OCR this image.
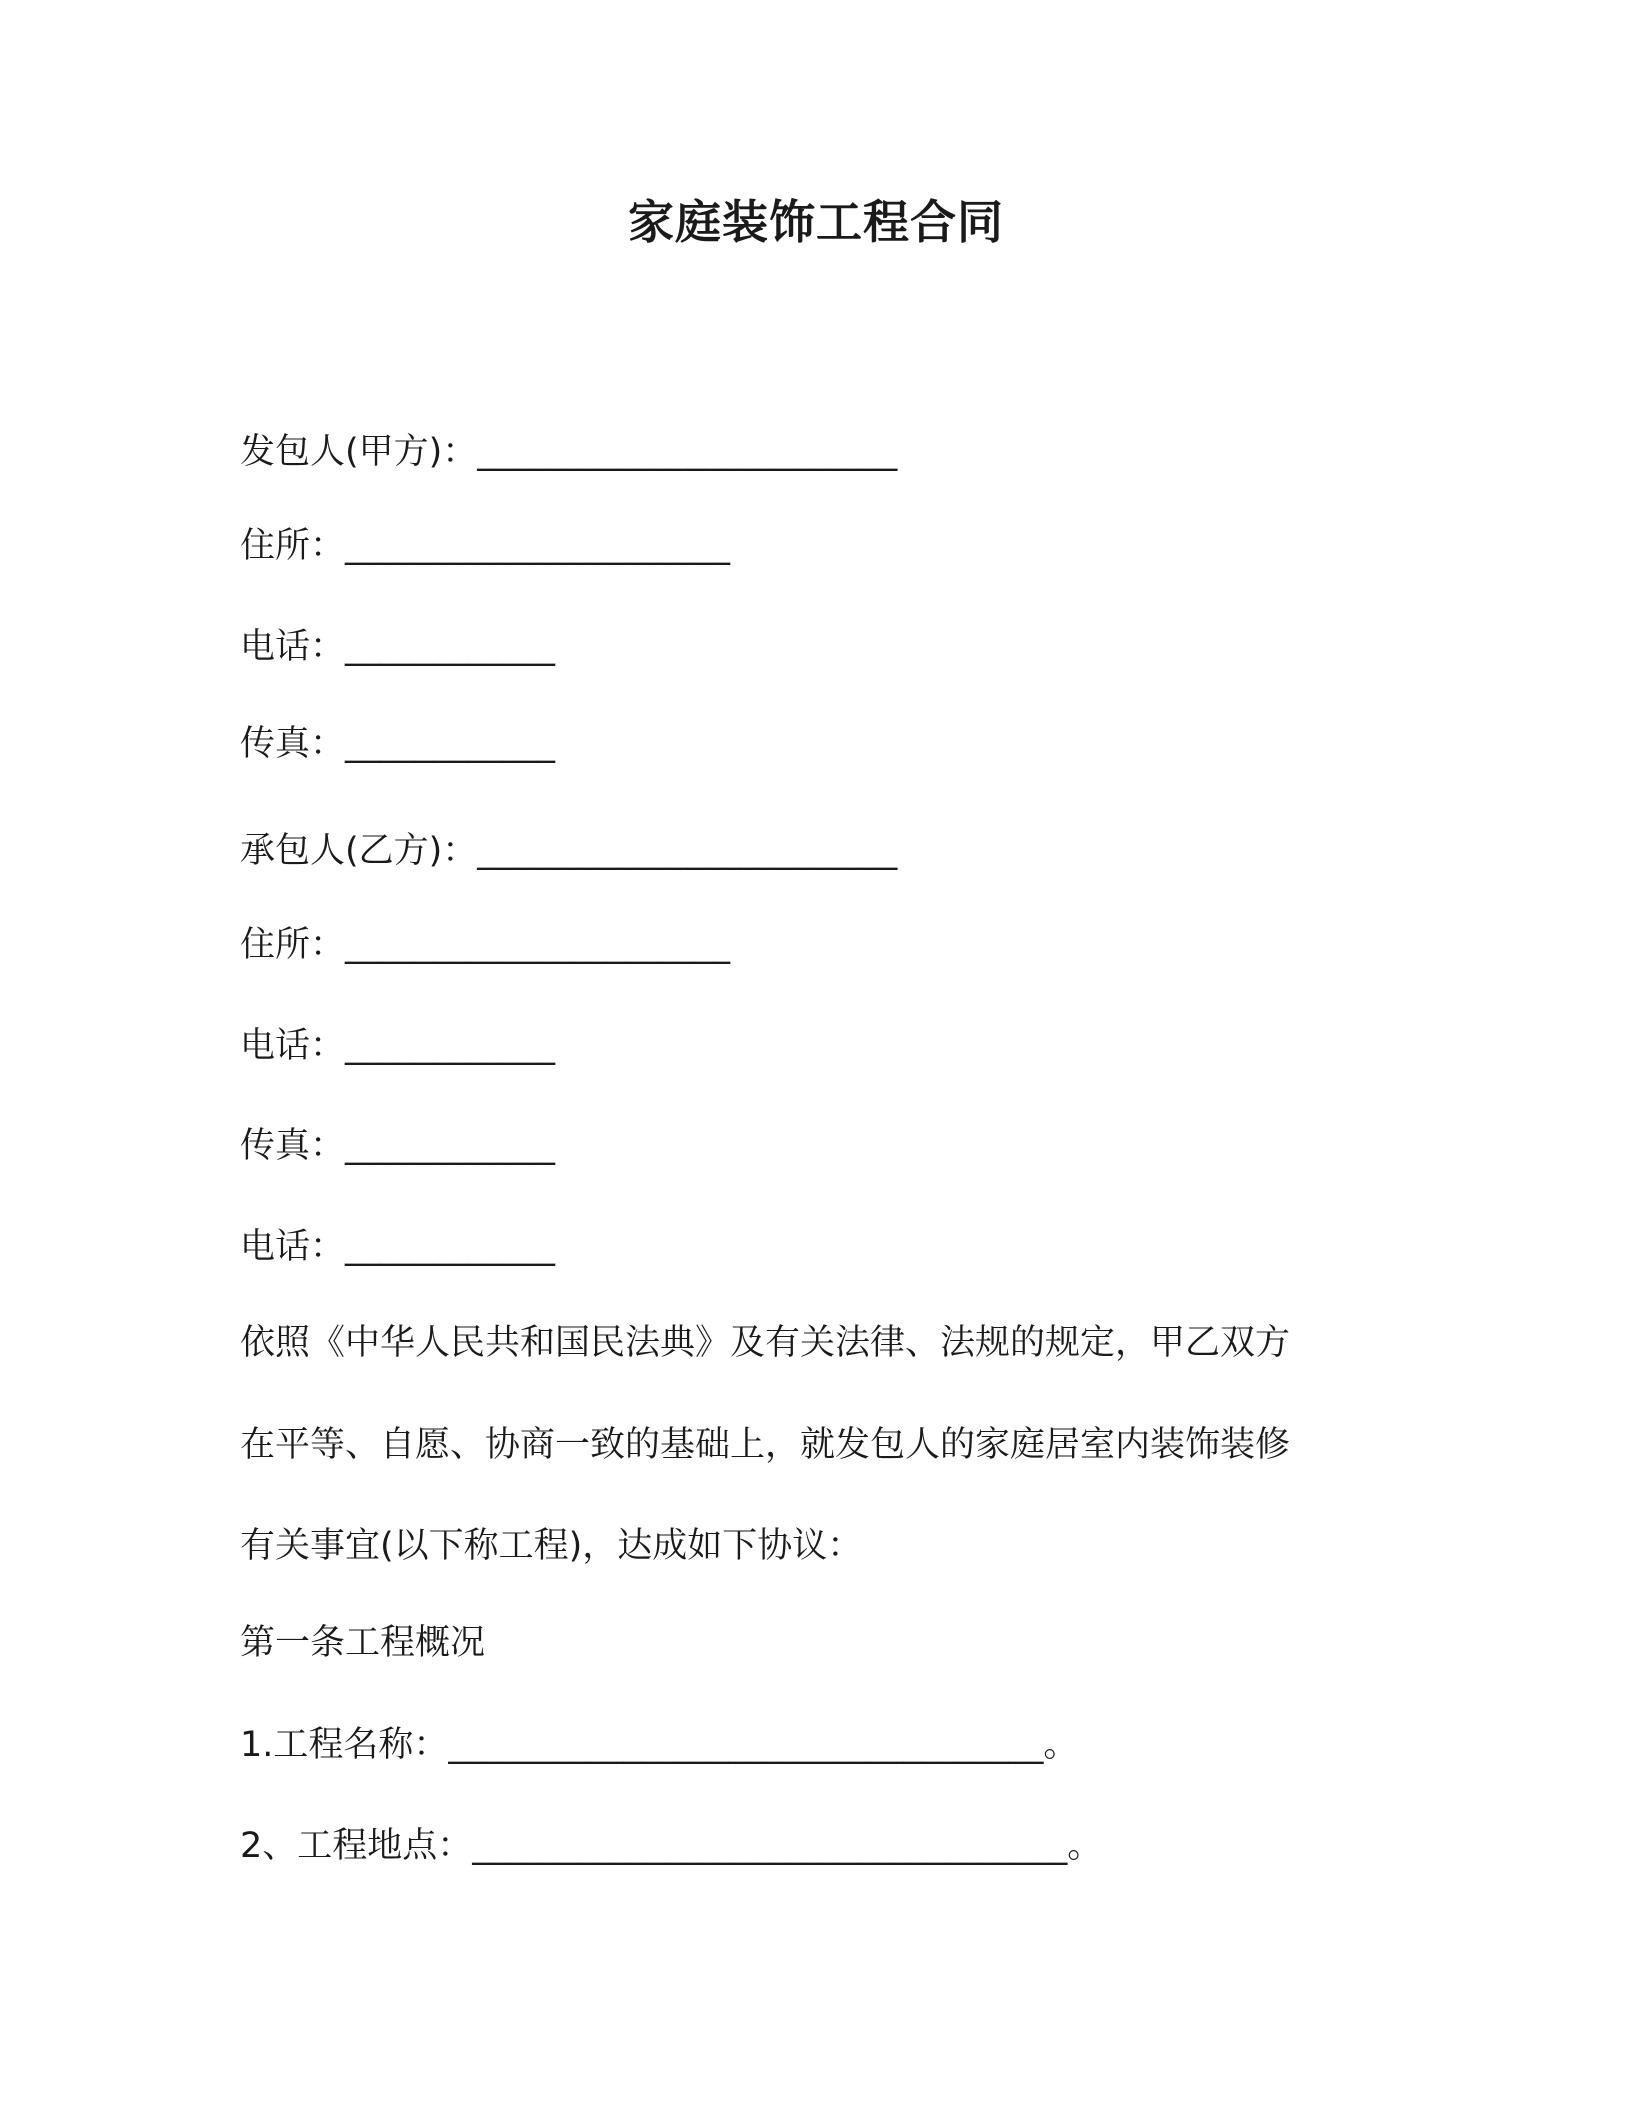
家庭装饰工程合同
发包人(甲方)：________________________
住所：______________________
电话：____________
传真：____________
承包人(乙方)：________________________
住所：______________________
电话：____________
传真：____________
电话：____________
依照《中华人民共和国民法典》及有关法律、法规的规定，甲乙双方
在平等、自愿、协商一致的基础上，就发包人的家庭居室内装饰装修
有关事宜(以下称工程)，达成如下协议：
第一条工程概况
1.工程名称：__________________________________。
2、工程地点：__________________________________。
